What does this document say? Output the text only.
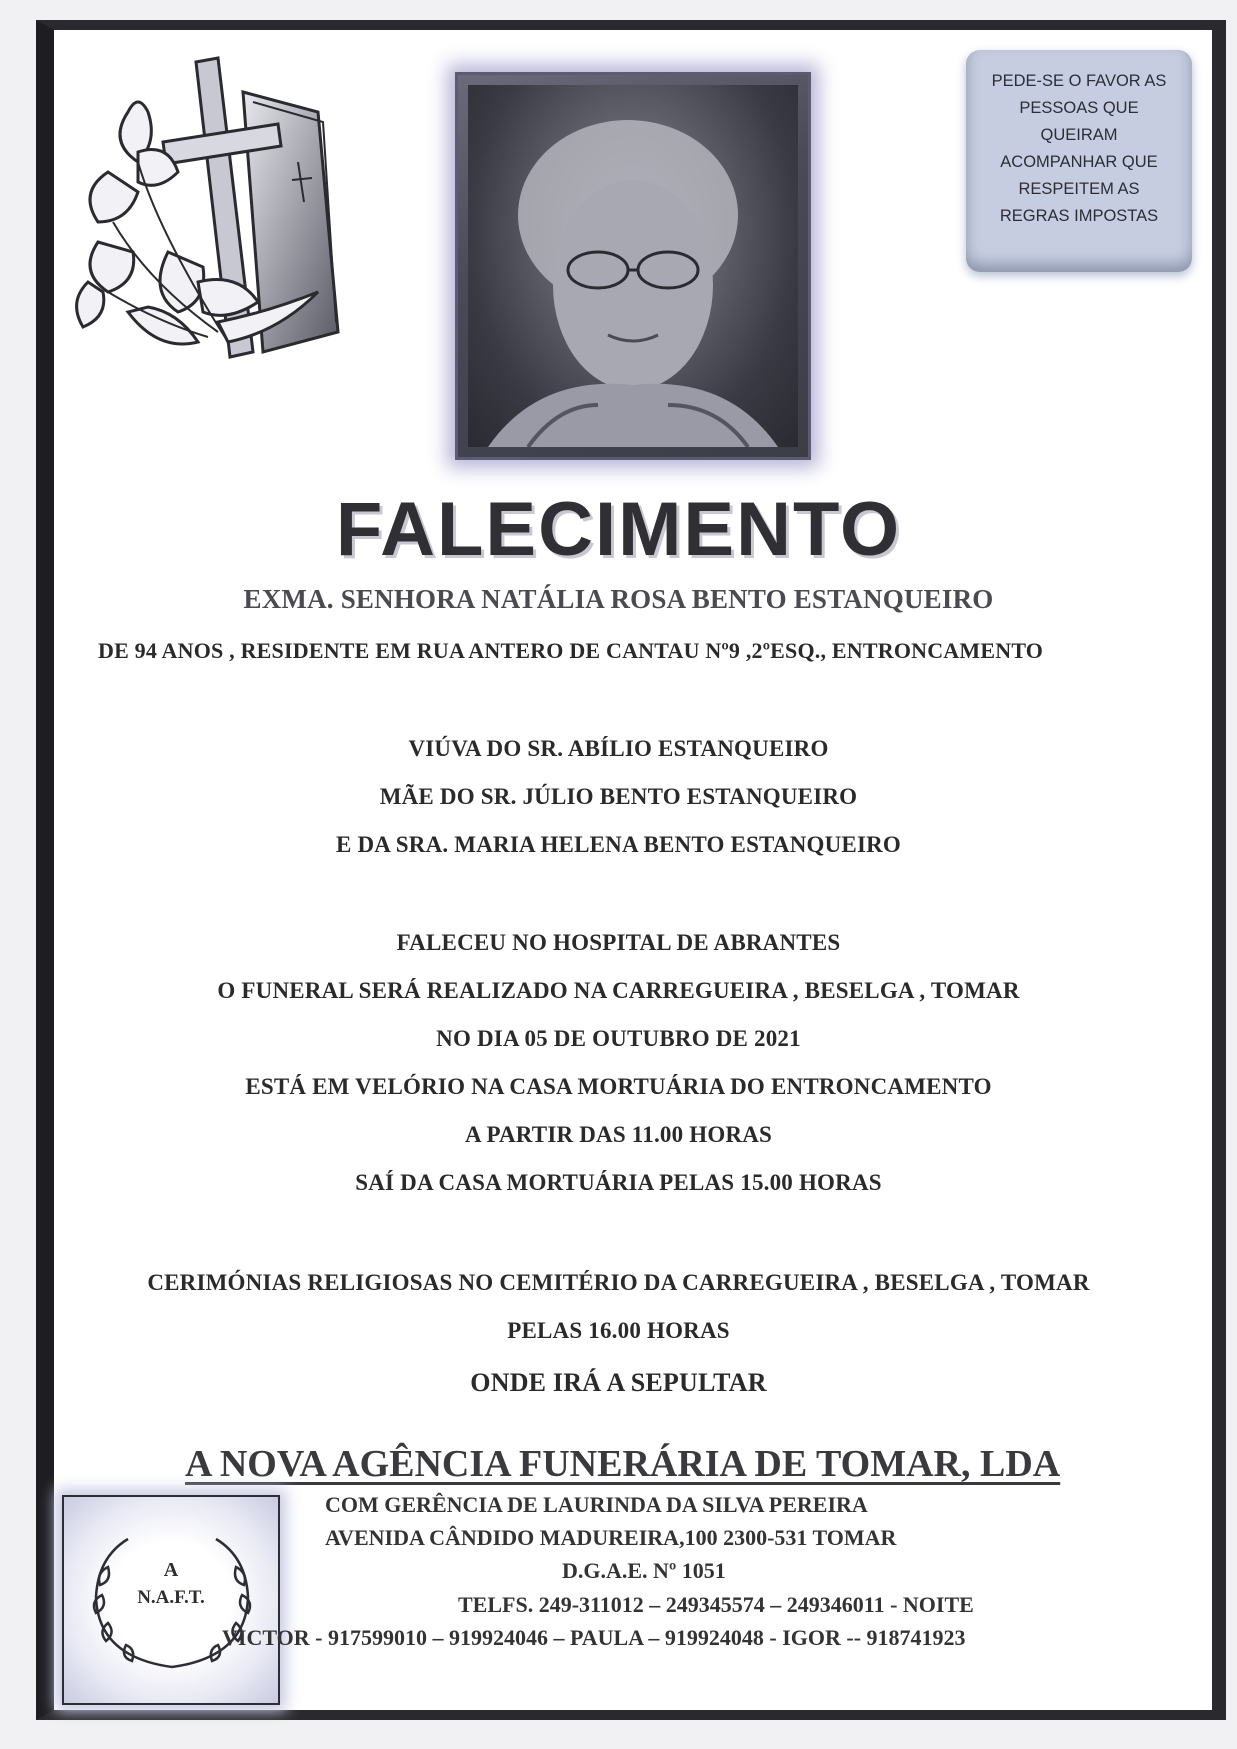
PEDE-SE O FAVOR AS
PESSOAS QUE
QUEIRAM
ACOMPANHAR QUE
RESPEITEM AS
REGRAS IMPOSTAS
FALECIMENTO
EXMA. SENHORA NATÁLIA ROSA BENTO ESTANQUEIRO
DE 94 ANOS , RESIDENTE EM RUA ANTERO DE CANTAU Nº9 ,2ºESQ., ENTRONCAMENTO
VIÚVA DO SR. ABÍLIO ESTANQUEIRO
MÃE DO SR. JÚLIO BENTO ESTANQUEIRO
E DA SRA. MARIA HELENA BENTO ESTANQUEIRO
FALECEU NO HOSPITAL DE ABRANTES
O FUNERAL SERÁ REALIZADO NA CARREGUEIRA , BESELGA , TOMAR
NO DIA 05 DE OUTUBRO DE 2021
ESTÁ EM VELÓRIO NA CASA MORTUÁRIA DO ENTRONCAMENTO
A PARTIR DAS 11.00 HORAS
SAÍ DA CASA MORTUÁRIA PELAS 15.00 HORAS
CERIMÓNIAS RELIGIOSAS NO CEMITÉRIO DA CARREGUEIRA , BESELGA , TOMAR
PELAS 16.00 HORAS
ONDE IRÁ A SEPULTAR
A NOVA AGÊNCIA FUNERÁRIA DE TOMAR, LDA
COM GERÊNCIA DE LAURINDA DA SILVA PEREIRA
AVENIDA CÂNDIDO MADUREIRA,100 2300-531 TOMAR
D.G.A.E. Nº 1051
TELFS. 249-311012 – 249345574 – 249346011 - NOITE
A
N.A.F.T.
VICTOR - 917599010 – 919924046 – PAULA – 919924048 - IGOR -- 918741923
